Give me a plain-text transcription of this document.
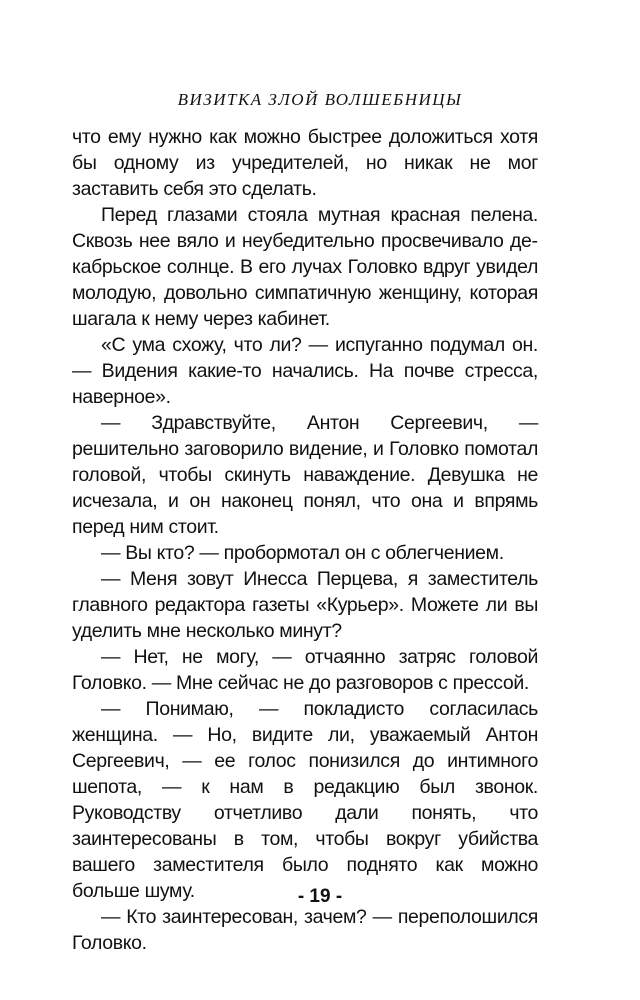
ВИЗИТКА ЗЛОЙ ВОЛШЕБНИЦЫ

что ему нужно как можно быстрее доложиться хотя бы одному из учредителей, но никак не мог заставить себя это сделать.

Перед глазами стояла мутная красная пелена. Сквозь нее вяло и неубедительно просвечивало декабрьское солнце. В его лучах Головко вдруг увидел молодую, довольно симпатичную женщину, которая шагала к нему через кабинет.

«С ума схожу, что ли? — испуганно подумал он. — Видения какие-то начались. На почве стресса, наверное».

— Здравствуйте, Антон Сергеевич, — решительно заговорило видение, и Головко помотал головой, чтобы скинуть наваждение. Девушка не исчезала, и он наконец понял, что она и впрямь перед ним стоит.

— Вы кто? — пробормотал он с облегчением.

— Меня зовут Инесса Перцева, я заместитель главного редактора газеты «Курьер». Можете ли вы уделить мне несколько минут?

— Нет, не могу, — отчаянно затряс головой Головко. — Мне сейчас не до разговоров с прессой.

— Понимаю, — покладисто согласилась женщина. — Но, видите ли, уважаемый Антон Сергеевич, — ее голос понизился до интимного шепота, — к нам в редакцию был звонок. Руководству отчетливо дали понять, что заинтересованы в том, чтобы вокруг убийства вашего заместителя было поднято как можно больше шуму.

— Кто заинтересован, зачем? — переполошился Головко.

- 19 -
